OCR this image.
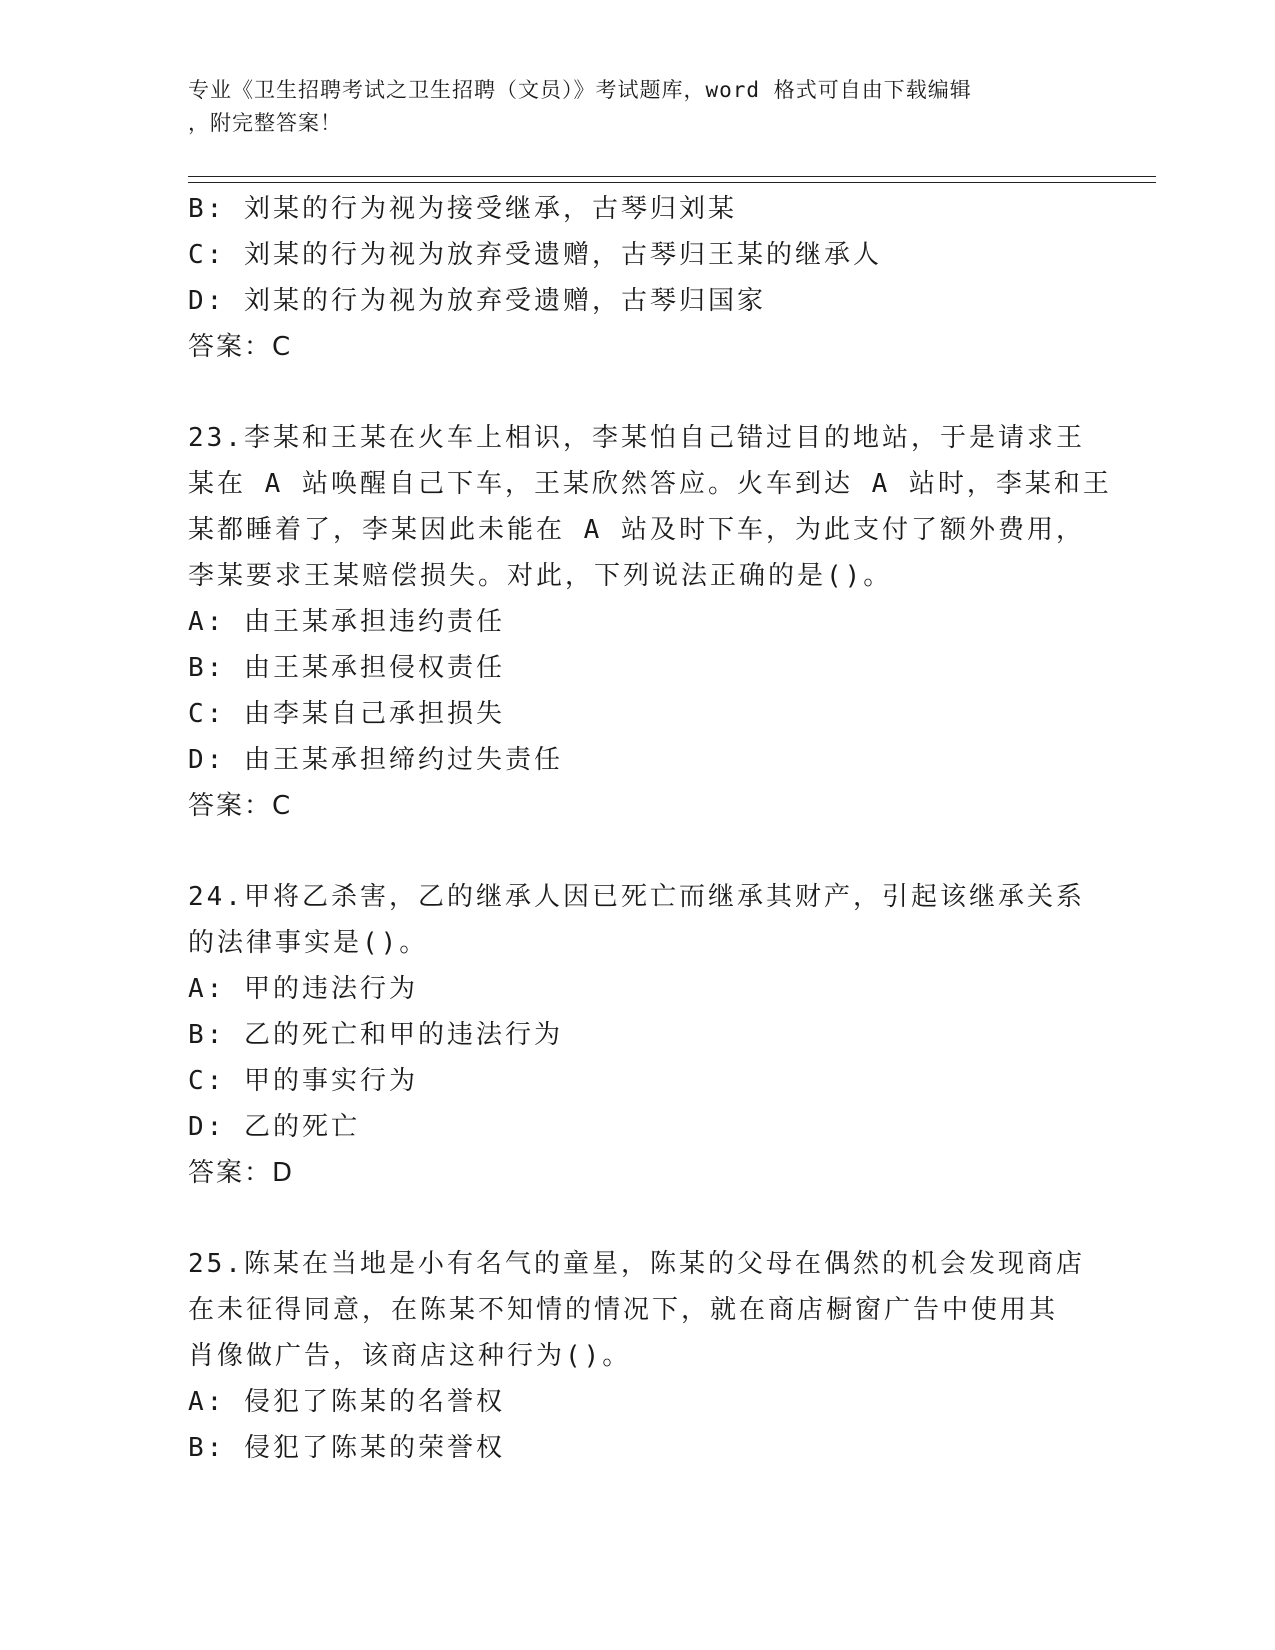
专业《卫生招聘考试之卫生招聘（文员）》考试题库，word 格式可自由下载编辑
，附完整答案！
B: 刘某的行为视为接受继承，古琴归刘某
C: 刘某的行为视为放弃受遗赠，古琴归王某的继承人
D: 刘某的行为视为放弃受遗赠，古琴归国家
答案：C
23.李某和王某在火车上相识，李某怕自己错过目的地站，于是请求王
某在 A 站唤醒自己下车，王某欣然答应。火车到达 A 站时，李某和王
某都睡着了，李某因此未能在 A 站及时下车，为此支付了额外费用，
李某要求王某赔偿损失。对此，下列说法正确的是()。
A: 由王某承担违约责任
B: 由王某承担侵权责任
C: 由李某自己承担损失
D: 由王某承担缔约过失责任
答案：C
24.甲将乙杀害，乙的继承人因已死亡而继承其财产，引起该继承关系
的法律事实是()。
A: 甲的违法行为
B: 乙的死亡和甲的违法行为
C: 甲的事实行为
D: 乙的死亡
答案：D
25.陈某在当地是小有名气的童星，陈某的父母在偶然的机会发现商店
在未征得同意，在陈某不知情的情况下，就在商店橱窗广告中使用其
肖像做广告，该商店这种行为()。
A: 侵犯了陈某的名誉权
B: 侵犯了陈某的荣誉权
